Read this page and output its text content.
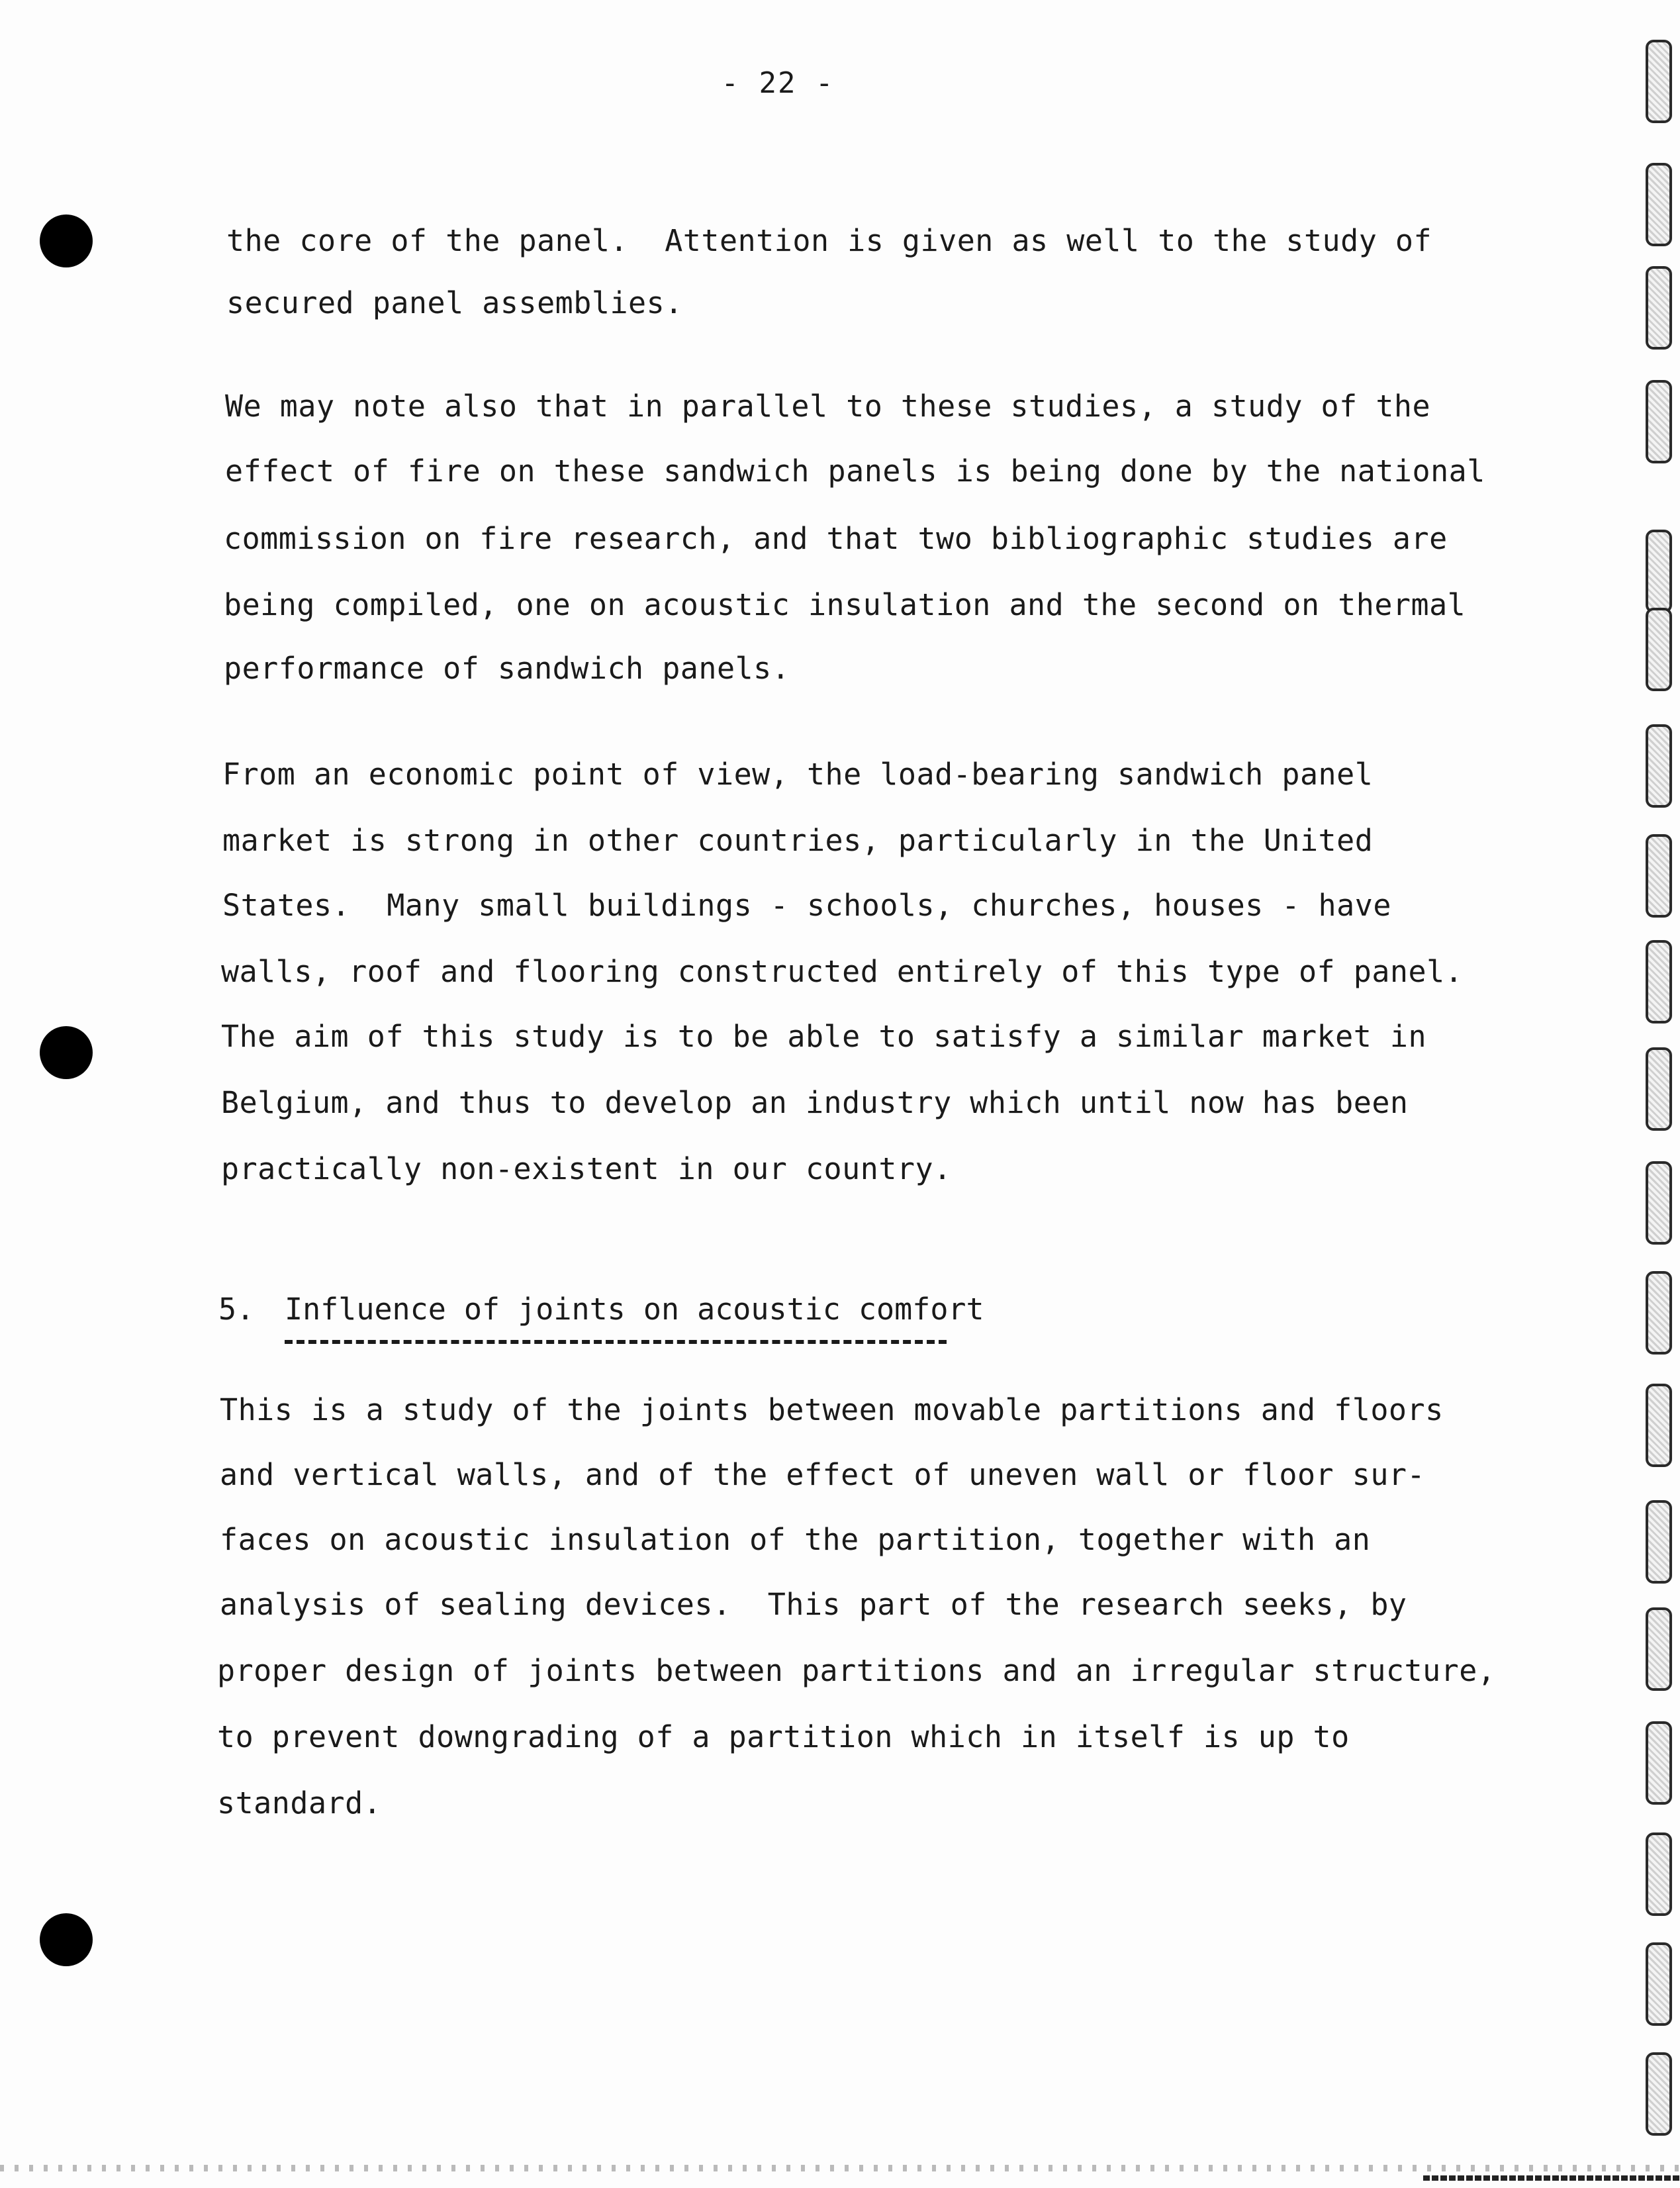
- 22 -
the core of the panel.  Attention is given as well to the study of
secured panel assemblies.
We may note also that in parallel to these studies, a study of the
effect of fire on these sandwich panels is being done by the national
commission on fire research, and that two bibliographic studies are
being compiled, one on acoustic insulation and the second on thermal
performance of sandwich panels.
From an economic point of view, the load-bearing sandwich panel
market is strong in other countries, particularly in the United
States.  Many small buildings - schools, churches, houses - have
walls, roof and flooring constructed entirely of this type of panel.
The aim of this study is to be able to satisfy a similar market in
Belgium, and thus to develop an industry which until now has been
practically non-existent in our country.
5. Influence of joints on acoustic comfort
This is a study of the joints between movable partitions and floors
and vertical walls, and of the effect of uneven wall or floor sur-
faces on acoustic insulation of the partition, together with an
analysis of sealing devices.  This part of the research seeks, by
proper design of joints between partitions and an irregular structure,
to prevent downgrading of a partition which in itself is up to
standard.
